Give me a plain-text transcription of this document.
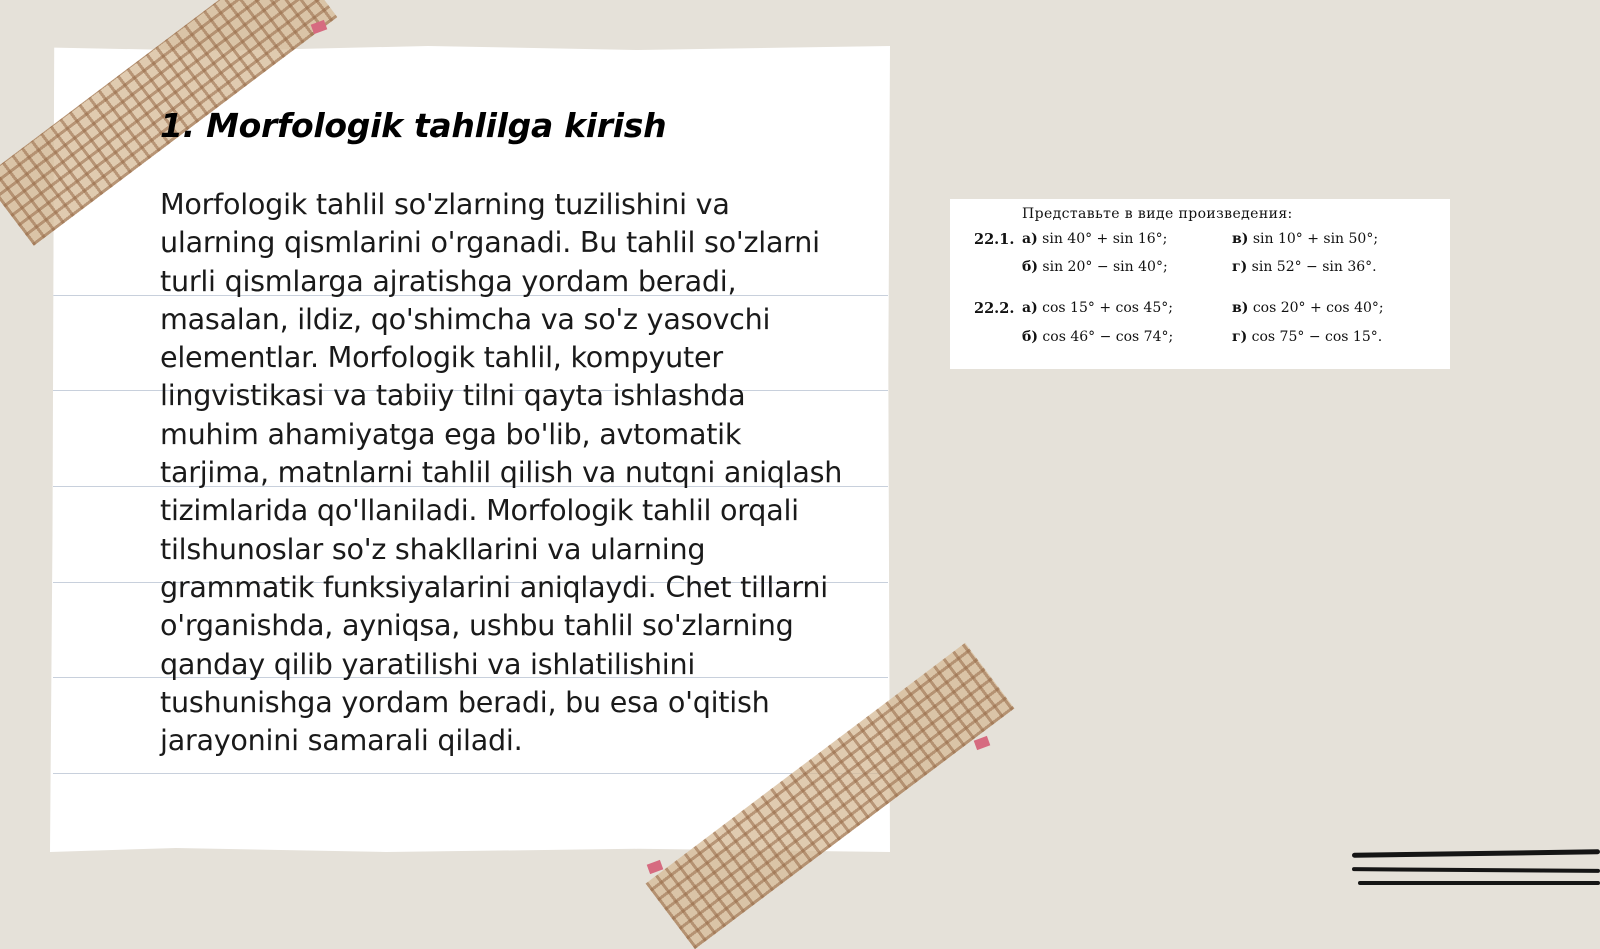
1. Morfologik tahlilga kirish

Morfologik tahlil so'zlarning tuzilishini va ularning qismlarini o'rganadi. Bu tahlil so'zlarni turli qismlarga ajratishga yordam beradi, masalan, ildiz, qo'shimcha va so'z yasovchi elementlar. Morfologik tahlil, kompyuter lingvistikasi va tabiiy tilni qayta ishlashda muhim ahamiyatga ega bo'lib, avtomatik tarjima, matnlarni tahlil qilish va nutqni aniqlash tizimlarida qo'llaniladi. Morfologik tahlil orqali tilshunoslar so'z shakllarini va ularning grammatik funksiyalarini aniqlaydi. Chet tillarni o'rganishda, ayniqsa, ushbu tahlil so'zlarning qanday qilib yaratilishi va ishlatilishini tushunishga yordam beradi, bu esa o'qitish jarayonini samarali qiladi.

Представьте в виде произведения:
22.1. а) sin 40° + sin 16°;	в) sin 10° + sin 50°;
б) sin 20° − sin 40°;	г) sin 52° − sin 36°.
22.2. а) cos 15° + cos 45°;	в) cos 20° + cos 40°;
б) cos 46° − cos 74°;	г) cos 75° − cos 15°.
